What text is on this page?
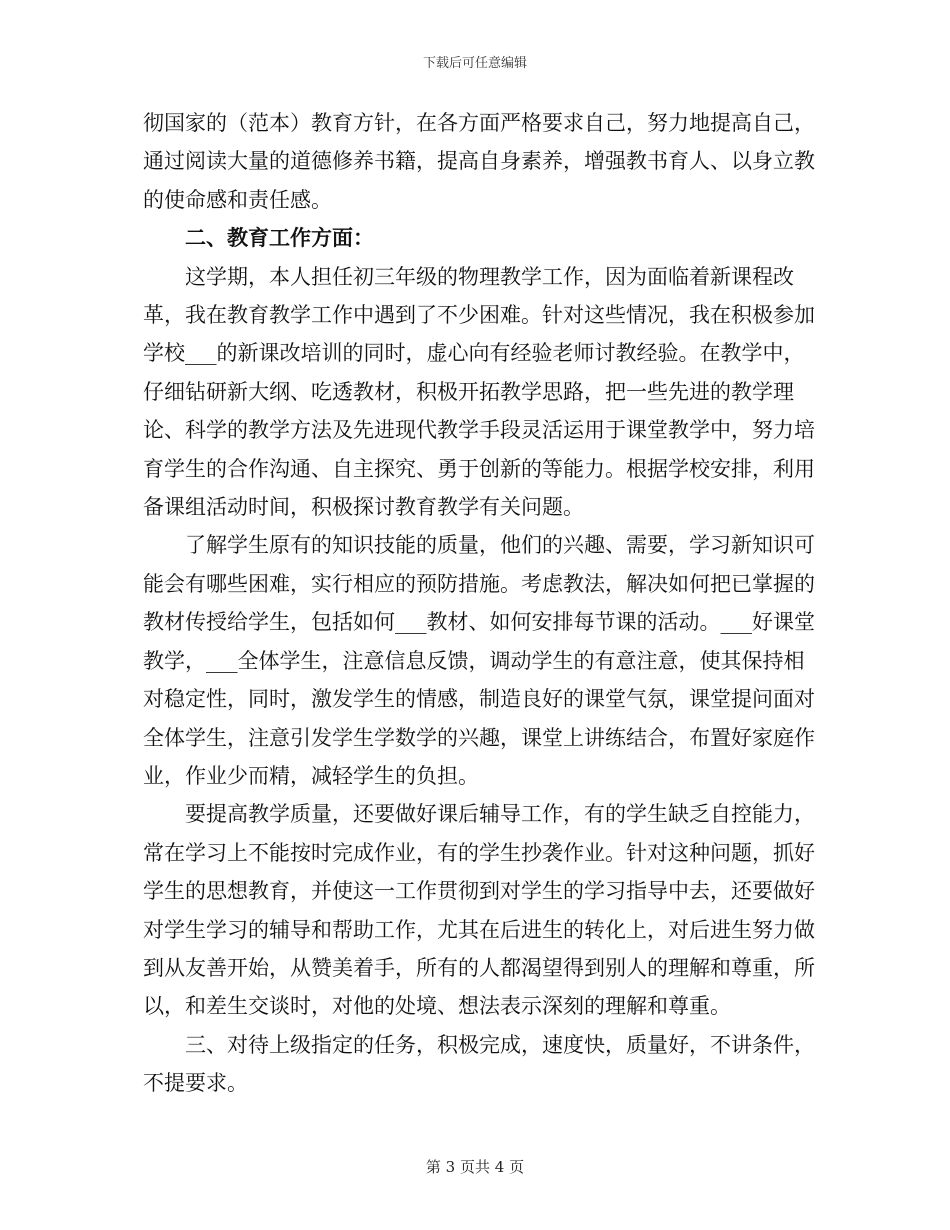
下载后可任意编辑

彻国家的（范本）教育方针，在各方面严格要求自己，努力地提高自己，通过阅读大量的道德修养书籍，提高自身素养，增强教书育人、以身立教的使命感和责任感。

二、教育工作方面：

这学期，本人担任初三年级的物理教学工作，因为面临着新课程改革，我在教育教学工作中遇到了不少困难。针对这些情况，我在积极参加学校___的新课改培训的同时，虚心向有经验老师讨教经验。在教学中，仔细钻研新大纲、吃透教材，积极开拓教学思路，把一些先进的教学理论、科学的教学方法及先进现代教学手段灵活运用于课堂教学中，努力培育学生的合作沟通、自主探究、勇于创新的等能力。根据学校安排，利用备课组活动时间，积极探讨教育教学有关问题。

了解学生原有的知识技能的质量，他们的兴趣、需要，学习新知识可能会有哪些困难，实行相应的预防措施。考虑教法，解决如何把已掌握的教材传授给学生，包括如何___教材、如何安排每节课的活动。___好课堂教学，___全体学生，注意信息反馈，调动学生的有意注意，使其保持相对稳定性，同时，激发学生的情感，制造良好的课堂气氛，课堂提问面对全体学生，注意引发学生学数学的兴趣，课堂上讲练结合，布置好家庭作业，作业少而精，减轻学生的负担。

要提高教学质量，还要做好课后辅导工作，有的学生缺乏自控能力，常在学习上不能按时完成作业，有的学生抄袭作业。针对这种问题，抓好学生的思想教育，并使这一工作贯彻到对学生的学习指导中去，还要做好对学生学习的辅导和帮助工作，尤其在后进生的转化上，对后进生努力做到从友善开始，从赞美着手，所有的人都渴望得到别人的理解和尊重，所以，和差生交谈时，对他的处境、想法表示深刻的理解和尊重。

三、对待上级指定的任务，积极完成，速度快，质量好，不讲条件，不提要求。

第 3 页共 4 页
